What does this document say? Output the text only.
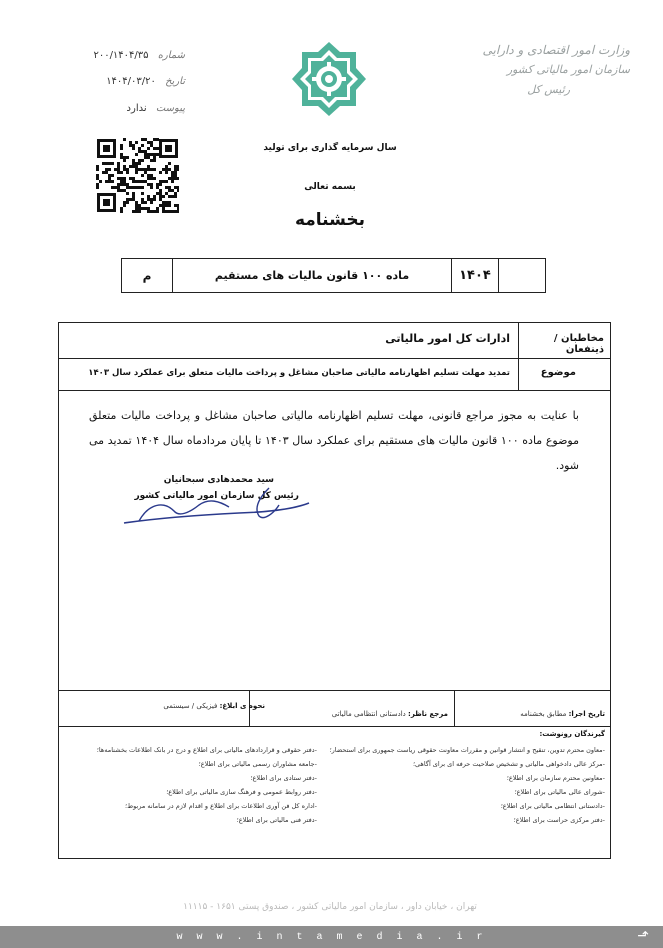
شماره ۲۰۰/۱۴۰۴/۳۵
تاریخ ۱۴۰۴/۰۳/۲۰
پیوست ندارد
وزارت امور اقتصادی و دارایی
سازمان امور مالیاتی کشور
رئیس کل
سال سرمایه گذاری برای تولید
بسمه تعالی
بخشنامه
م	ماده ۱۰۰ قانون مالیات های مستقیم	۱۴۰۴
مخاطبان / ذینفعان
ادارات کل امور مالیاتی
موضوع
تمدید مهلت تسلیم اظهارنامه مالیاتی صاحبان مشاغل و پرداخت مالیات متعلق برای عملکرد سال ۱۴۰۳
با عنایت به مجوز مراجع قانونی، مهلت تسلیم اظهارنامه مالیاتی صاحبان مشاغل و پرداخت مالیات متعلق موضوع ماده ۱۰۰ قانون مالیات های مستقیم برای عملکرد سال ۱۴۰۳ تا پایان مردادماه سال ۱۴۰۴ تمدید می شود.
سید محمدهادی سبحانیان
رئیس کل سازمان امور مالیاتی کشور
تاریخ اجرا: مطابق بخشنامه
مرجع ناظر: دادستانی انتظامی مالیاتی
نحوه ی ابلاغ: فیزیکی / سیستمی
گیرندگان رونوشت:
-معاون محترم تدوین، تنقیح و انتشار قوانین و مقررات معاونت حقوقی ریاست جمهوری برای استحضار؛
-مرکز عالی دادخواهی مالیاتی و تشخیص صلاحیت حرفه ای برای آگاهی؛
-معاونین محترم سازمان برای اطلاع؛
-شورای عالی مالیاتی برای اطلاع؛
-دادستانی انتظامی مالیاتی برای اطلاع؛
-دفتر مرکزی حراست برای اطلاع؛
-دفتر حقوقی و قراردادهای مالیاتی برای اطلاع و درج در بانک اطلاعات بخشنامه‌ها؛
-جامعه مشاوران رسمی مالیاتی برای اطلاع؛
-دفتر ستادی برای اطلاع؛
-دفتر روابط عمومی و فرهنگ سازی مالیاتی برای اطلاع؛
-اداره کل فن آوری اطلاعات برای اطلاع و اقدام لازم در سامانه مربوط؛
-دفتر فنی مالیاتی برای اطلاع؛
تهران ، خیابان داور ، سازمان امور مالیاتی کشور ، صندوق پستی ۱۶۵۱ - ۱۱۱۱۵
w w w . i n t a m e d i a . i r	⬏
